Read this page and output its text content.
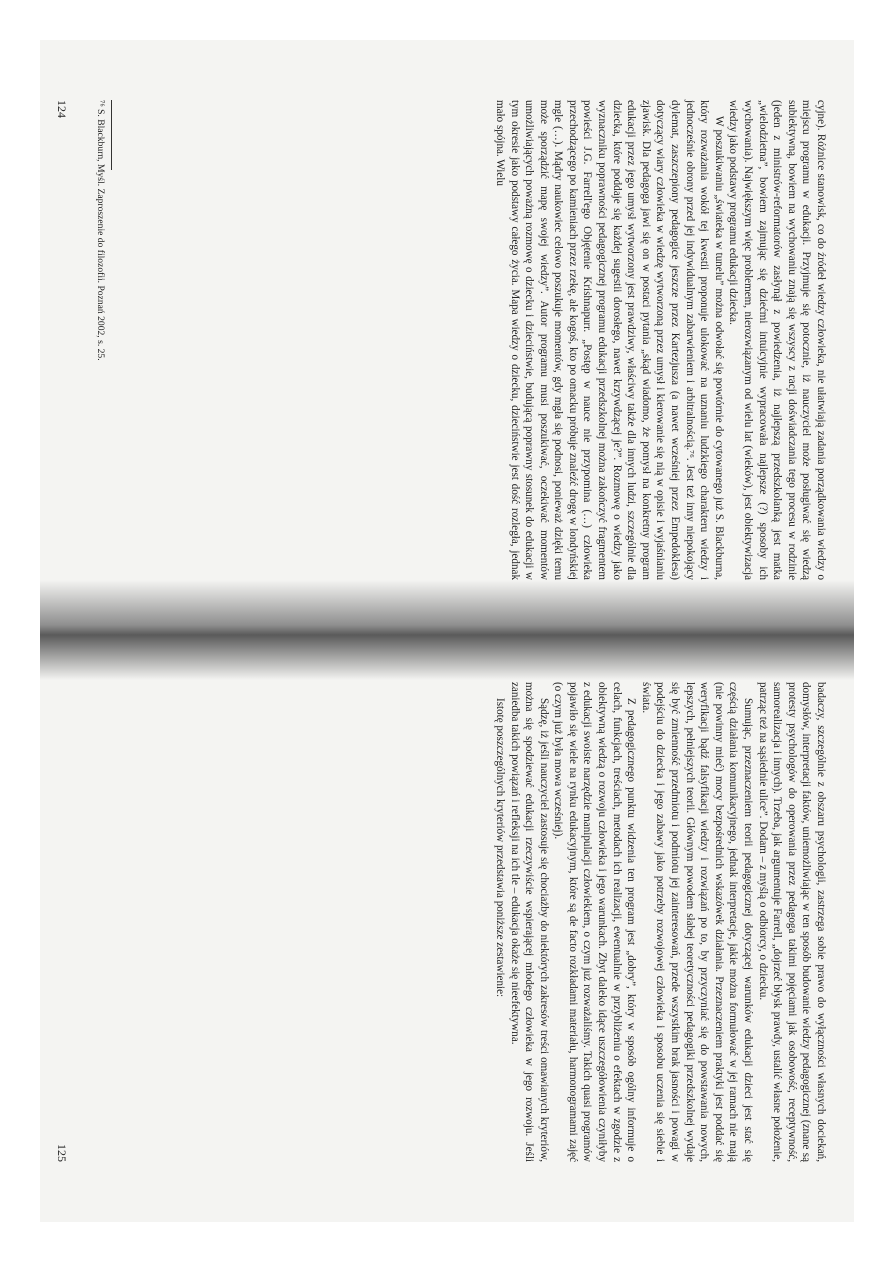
cyjne). Różnice stanowisk, co do źródeł wiedzy człowieka, nie ułatwiają zadania porządkowania wiedzy o miejscu programu w edukacji. Przyjmuje się potocznie, iż nauczyciel może posługiwać się wiedzą subiektywną, bowiem na wychowaniu znają się wszyscy z racji doświadczania tego procesu w rodzinie (jeden z ministrów-reformatorów zasłynął z powiedzenia, iż najlepszą przedszkolanką jest matka „wielodzietna”, bowiem zajmując się dziećmi intuicyjnie wypracowała najlepsze (?) sposoby ich wychowania). Największym więc problemem, nierozwiązanym od wielu lat (wieków), jest obiektywizacja wiedzy jako podstawy programu edukacji dziecka.

W poszukiwaniu „świateka w tunelu” można odwołać się powtórnie do cytowanego już S. Blackburna, który rozważania wokół tej kwestii proponuje ulokować na uznaniu ludzkiego charakteru wiedzy i jednocześnie obrony przed jej indywidualnym zabarwieniem i arbitralnością.⁷⁶. Jest też inny niepokojący dylemat, zaszczepiony pedagogice jeszcze przez Kartezjusza (a nawet wcześniej przez Empedoklesa) dotyczący wiary człowieka w wiedzę wytworzoną przez umysł i kierowanie się nią w opisie i wyjaśnianiu zjawisk. Dla pedagoga jawi się on w postaci pytania „skąd wiadomo, że pomysł na konkretny program edukacji przez jego umysł wytworzony jest prawdziwy, właściwy także dla innych ludzi, szczególnie dla dziecka, które poddaje się każdej sugestii dorosłego, nawet krzywdzącej je?”. Rozmowę o wiedzy jako wyznaczniku poprawności pedagogicznej programu edukacji przedszkolnej można zakończyć fragmentem powieści J.G. Farrell'ego Objętenie Krishnapurr. „Postęp w nauce nie przypomina (…) człowieka przechodzącego po kamieniach przez rzekę, ale kogoś, kto po omacku próbuje znaleźć drogę w londyńskiej mgle (…). Mądry naukowiec celowo poszukuje momentów, gdy mgła się podnosi, ponieważ dzięki temu może sporządzić mapę swojej wiedzy”. Autor programu musi poszukiwać, oczekiwać momentów umożliwiających poważną rozmowę o dziecku i dzieciństwie, budującą poprawny stosunek do edukacji w tym okresie jako podstawy całego życia. Mapa wiedzy o dziecku, dzieciństwie jest dość rozległa, jednak mało spójna. Wielu

⁷⁶ S. Blackburn, Myśl. Zaproszenie do filozofii. Poznań 2002, s. 25.
124

badaczy, szczególnie z obszaru psychologii, zastrzega sobie prawo do wyłączności własnych dociekań, domysłów, interpretacji faktów, uniemożliwiając w ten sposób budowanie wiedzy pedagogicznej (znane są protesty psychologów do operowania przez pedagoga takimi pojęciami jak osobowość, receptywność, samorealizacja i innych). Trzeba, jak argumentuje Farrell, „dojrzeć błysk prawdy, ustalić własne położenie, patrząc też na sąsiednie ulice”. Dodam – z myślą o odbiorcy, o dziecku.

Sumując, przeznaczeniem teorii pedagogicznej dotyczącej warunków edukacji dzieci jest stać się częścią działania komunikacyjnego, jednak interpretacje, jakie można formułować w jej ramach nie mają (nie powinny mieć) mocy bezpośrednich wskazówek działania. Przeznaczeniem praktyki jest poddać się weryfikacji bądź falsyfikacji wiedzy i rozwiązań po to, by przyczyniać się do powstawania nowych, lepszych, pełniejszych teorii. Głównym powodem słabej teoretyczności pedagogiki przedszkolnej wydaje się być zmienność przedmiotu i podmiotu jej zainteresowań, przede wszystkim brak jasności i powagi w podejściu do dziecka i jego zabawy jako potrzeby rozwojowej człowieka i sposobu uczenia się siebie i świata.

Z pedagogicznego punktu widzenia ten program jest „dobry”, który w sposób ogólny informuje o celach, funkcjach, treściach, metodach ich realizacji, ewentualnie w przybliżeniu o efektach w zgodzie z obiektywną wiedzą o rozwoju człowieka i jego warunkach. Zbyt daleko idące uszczegółowienia czyniłyby z edukacji swoiste narzędzie manipulacji człowiekiem, o czym już rozważaliśmy. Takich quasi programów pojawiło się wiele na rynku edukacyjnym, które są de facto rozkładami materiału, harmonogramami zajęć (o czym już była mowa wcześniej).

Sądzę, iż jeśli nauczyciel zastosuje się chociażby do niektórych zakresów treści omawianych kryteriów, można się spodziewać edukacji rzeczywiście wspierającej młodego człowieka w jego rozwoju. Jeśli zaniedba takich powiązań i refleksji na ich tle – edukacja okaże się nieefektywna.

Istotę poszczególnych kryteriów przedstawia poniższe zestawienie:

125
